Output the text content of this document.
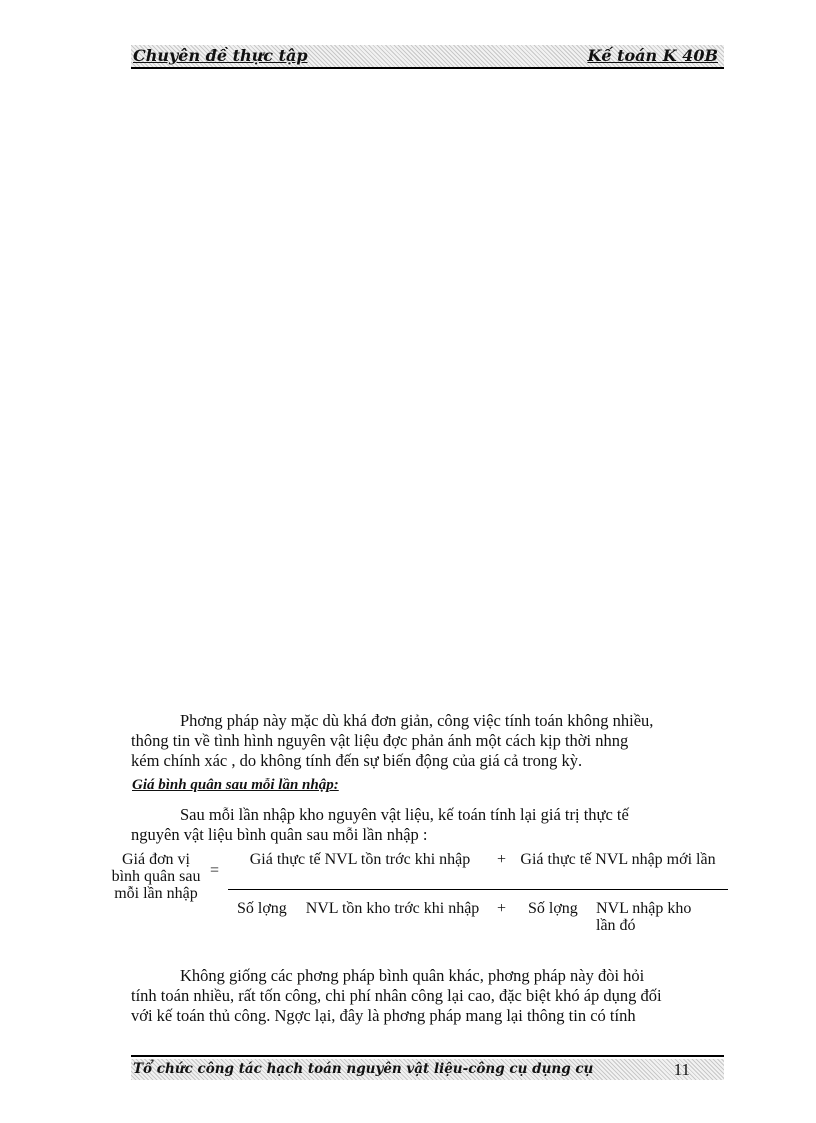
Chuyên đề thực tập	Kế toán K 40B

Phơng pháp này mặc dù khá đơn giản, công việc tính toán không nhiều,
thông tin về tình hình nguyên vật liệu đợc phản ánh một cách kịp thời nhng
kém chính xác , do không tính đến sự biến động của giá cả trong kỳ.

Giá bình quân sau mỗi lần nhập:

Sau mỗi lần nhập kho nguyên vật liệu, kế toán tính lại giá trị thực tế
nguyên vật liệu bình quân sau mỗi lần nhập :

Giá đơn vị bình quân sau mỗi lần nhập
=
Giá thực tế NVL tồn trớc khi nhập + Giá thực tế NVL nhập mới lần
Số lợng NVL tồn kho trớc khi nhập + Số lợng NVL nhập kho lần đó

Không giống các phơng pháp bình quân khác, phơng pháp này đòi hỏi
tính toán nhiều, rất tốn công, chi phí nhân công lại cao, đặc biệt khó áp dụng đối
với kế toán thủ công. Ngợc lại, đây là phơng pháp mang lại thông tin có tính

Tổ chức công tác hạch toán nguyên vật liệu-công cụ dụng cụ	11
